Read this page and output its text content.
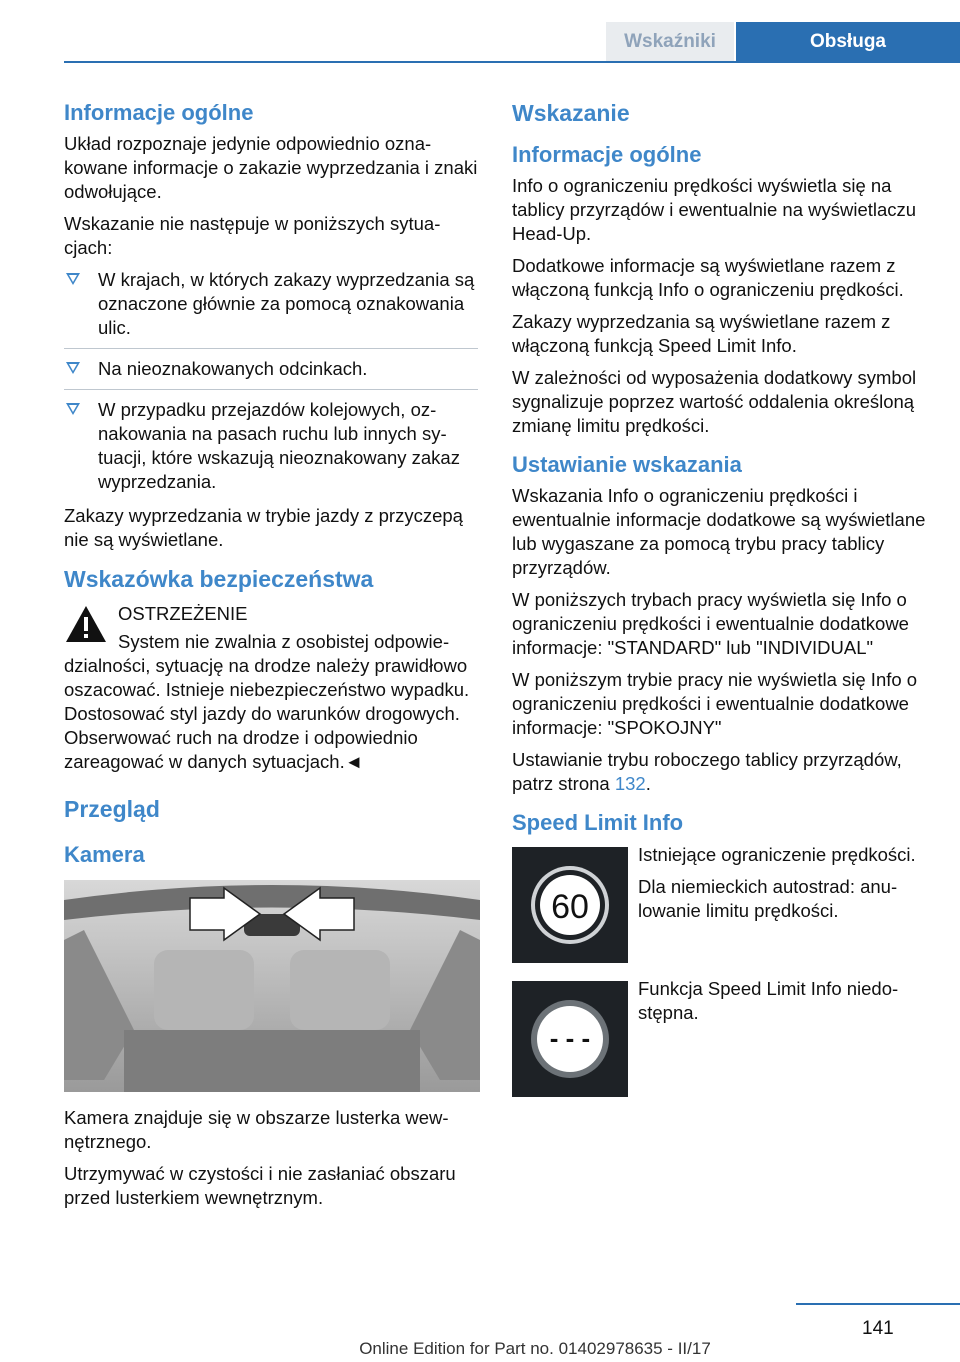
Wskaźniki	Obsługa
Informacje ogólne

Układ rozpoznaje jedynie odpowiednio oznakowane informacje o zakazie wyprzedzania i znaki odwołujące.

Wskazanie nie następuje w poniższych sytuacjach:

W krajach, w których zakazy wyprzedzania są oznaczone głównie za pomocą oznakowania ulic.
Na nieoznakowanych odcinkach.
W przypadku przejazdów kolejowych, oznakowania na pasach ruchu lub innych sytuacji, które wskazują nieoznakowany zakaz wyprzedzania.

Zakazy wyprzedzania w trybie jazdy z przyczepą nie są wyświetlane.

Wskazówka bezpieczeństwa

OSTRZEŻENIE

System nie zwalnia z osobistej odpowiedzialności, sytuację na drodze należy prawidłowo oszacować. Istnieje niebezpieczeństwo wypadku. Dostosować styl jazdy do warunków drogowych. Obserwować ruch na drodze i odpowiednio zareagować w danych sytuacjach.◄

Przegląd
Kamera

Kamera znajduje się w obszarze lusterka wewnętrznego.

Utrzymywać w czystości i nie zasłaniać obszaru przed lusterkiem wewnętrznym.

Wskazanie
Informacje ogólne

Info o ograniczeniu prędkości wyświetla się na tablicy przyrządów i ewentualnie na wyświetlaczu Head-Up.

Dodatkowe informacje są wyświetlane razem z włączoną funkcją Info o ograniczeniu prędkości.

Zakazy wyprzedzania są wyświetlane razem z włączoną funkcją Speed Limit Info.

W zależności od wyposażenia dodatkowy symbol sygnalizuje poprzez wartość oddalenia określoną zmianę limitu prędkości.

Ustawianie wskazania

Wskazania Info o ograniczeniu prędkości i ewentualnie informacje dodatkowe są wyświetlane lub wygaszane za pomocą trybu pracy tablicy przyrządów.

W poniższych trybach pracy wyświetla się Info o ograniczeniu prędkości i ewentualnie dodatkowe informacje: "STANDARD" lub "INDIVIDUAL"

W poniższym trybie pracy nie wyświetla się Info o ograniczeniu prędkości i ewentualnie dodatkowe informacje: "SPOKOJNY"

Ustawianie trybu roboczego tablicy przyrządów, patrz strona 132.

Speed Limit Info
60

Istniejące ograniczenie prędkości.

Dla niemieckich autostrad: anulowanie limitu prędkości.

- - -

Funkcja Speed Limit Info niedostępna.

141
Online Edition for Part no. 01402978635 - II/17
